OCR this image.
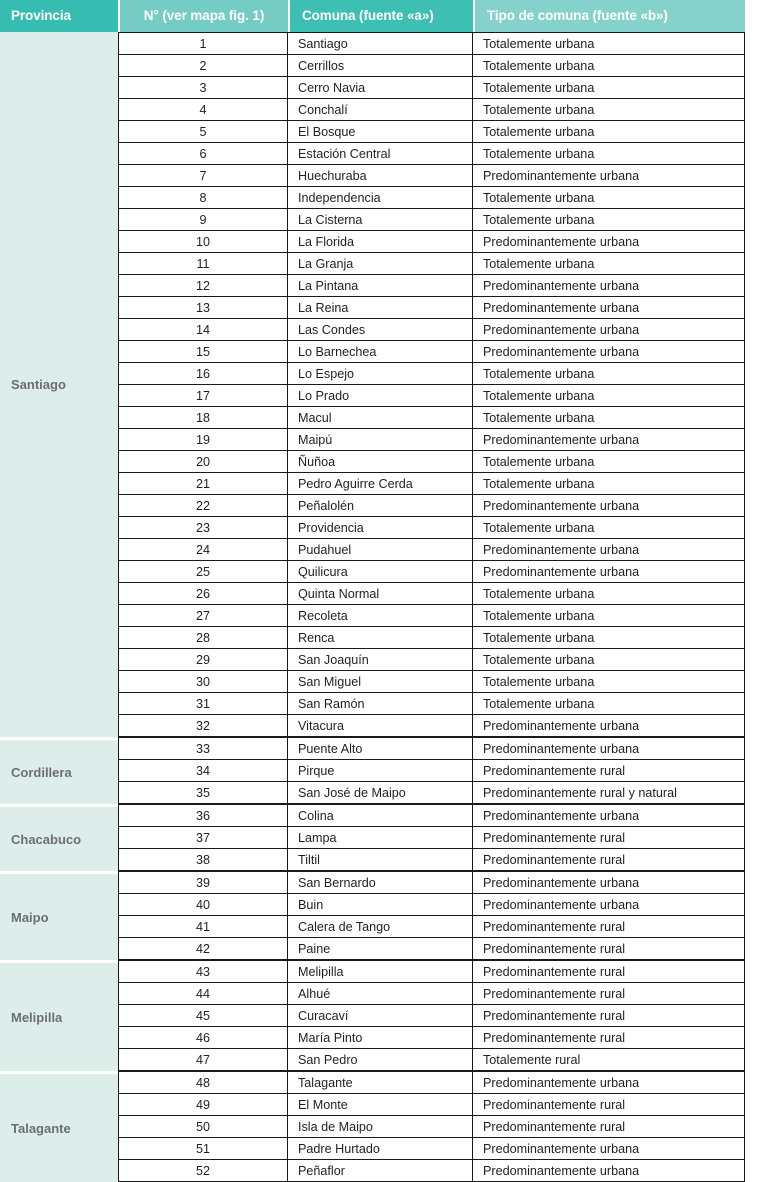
Provincia	N° (ver mapa fig. 1)	Comuna (fuente «a»)	Tipo de comuna (fuente «b»)
Santiago	1	Santiago	Totalemente urbana
	2	Cerrillos	Totalemente urbana
	3	Cerro Navia	Totalemente urbana
	4	Conchalí	Totalemente urbana
	5	El Bosque	Totalemente urbana
	6	Estación Central	Totalemente urbana
	7	Huechuraba	Predominantemente urbana
	8	Independencia	Totalemente urbana
	9	La Cisterna	Totalemente urbana
	10	La Florida	Predominantemente urbana
	11	La Granja	Totalemente urbana
	12	La Pintana	Predominantemente urbana
	13	La Reina	Predominantemente urbana
	14	Las Condes	Predominantemente urbana
	15	Lo Barnechea	Predominantemente urbana
	16	Lo Espejo	Totalemente urbana
	17	Lo Prado	Totalemente urbana
	18	Macul	Totalemente urbana
	19	Maipú	Predominantemente urbana
	20	Ñuñoa	Totalemente urbana
	21	Pedro Aguirre Cerda	Totalemente urbana
	22	Peñalolén	Predominantemente urbana
	23	Providencia	Totalemente urbana
	24	Pudahuel	Predominantemente urbana
	25	Quilicura	Predominantemente urbana
	26	Quinta Normal	Totalemente urbana
	27	Recoleta	Totalemente urbana
	28	Renca	Totalemente urbana
	29	San Joaquín	Totalemente urbana
	30	San Miguel	Totalemente urbana
	31	San Ramón	Totalemente urbana
	32	Vitacura	Predominantemente urbana
Cordillera	33	Puente Alto	Predominantemente urbana
	34	Pirque	Predominantemente rural
	35	San José de Maipo	Predominantemente rural y natural
Chacabuco	36	Colina	Predominantemente urbana
	37	Lampa	Predominantemente rural
	38	Tiltil	Predominantemente rural
Maipo	39	San Bernardo	Predominantemente urbana
	40	Buin	Predominantemente urbana
	41	Calera de Tango	Predominantemente rural
	42	Paine	Predominantemente rural
Melipilla	43	Melipilla	Predominantemente rural
	44	Alhué	Predominantemente rural
	45	Curacaví	Predominantemente rural
	46	María Pinto	Predominantemente rural
	47	San Pedro	Totalemente rural
Talagante	48	Talagante	Predominantemente urbana
	49	El Monte	Predominantemente rural
	50	Isla de Maipo	Predominantemente rural
	51	Padre Hurtado	Predominantemente urbana
	52	Peñaflor	Predominantemente urbana
